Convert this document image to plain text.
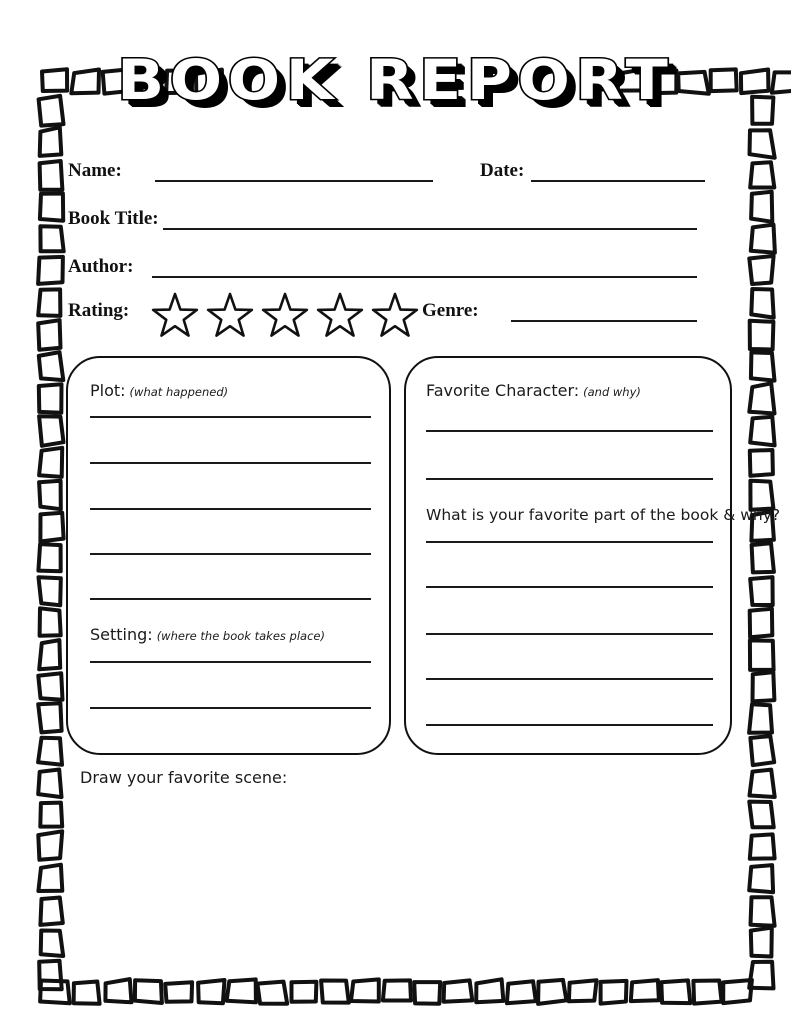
BOOK REPORT
Name:	Date:
Book Title:
Author:
Rating:	Genre:
Plot: (what happened)
Setting: (where the book takes place)
Favorite Character: (and why)
What is your favorite part of the book & why?
Draw your favorite scene:
